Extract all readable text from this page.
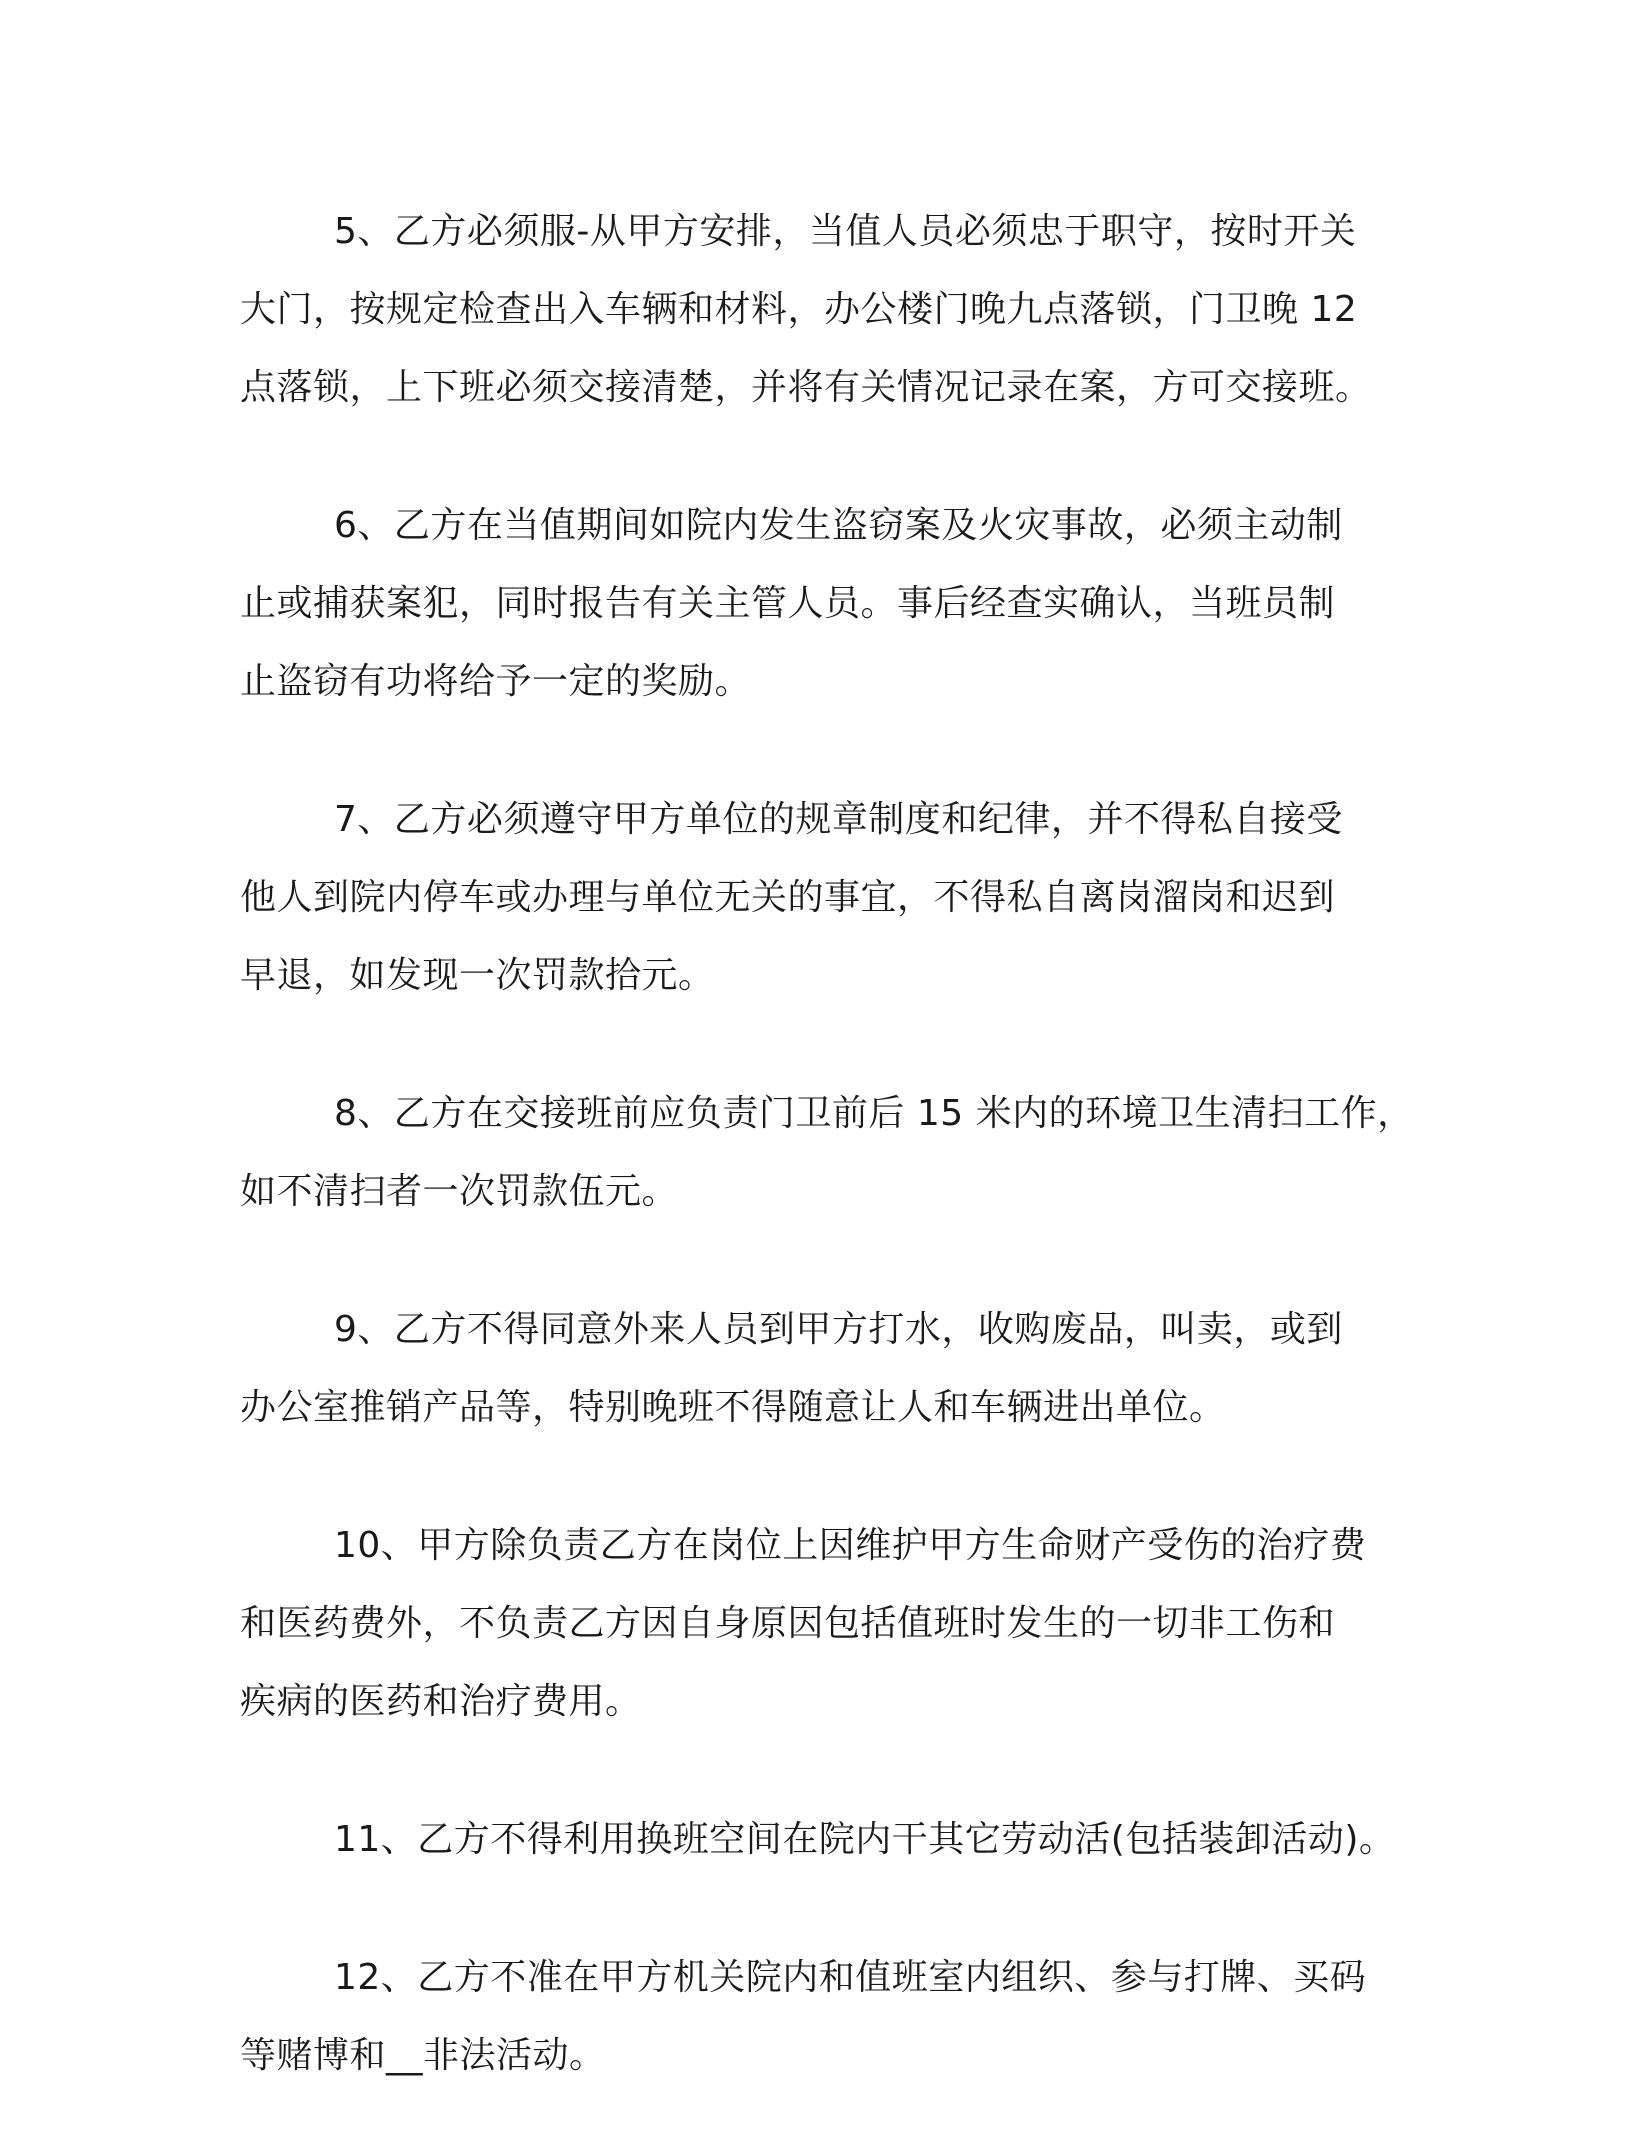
5、乙方必须服-从甲方安排，当值人员必须忠于职守，按时开关
大门，按规定检查出入车辆和材料，办公楼门晚九点落锁，门卫晚 12
点落锁，上下班必须交接清楚，并将有关情况记录在案，方可交接班。

6、乙方在当值期间如院内发生盗窃案及火灾事故，必须主动制
止或捕获案犯，同时报告有关主管人员。事后经查实确认，当班员制
止盗窃有功将给予一定的奖励。

7、乙方必须遵守甲方单位的规章制度和纪律，并不得私自接受
他人到院内停车或办理与单位无关的事宜，不得私自离岗溜岗和迟到
早退，如发现一次罚款拾元。

8、乙方在交接班前应负责门卫前后 15 米内的环境卫生清扫工作，
如不清扫者一次罚款伍元。

9、乙方不得同意外来人员到甲方打水，收购废品，叫卖，或到
办公室推销产品等，特别晚班不得随意让人和车辆进出单位。

10、甲方除负责乙方在岗位上因维护甲方生命财产受伤的治疗费
和医药费外，不负责乙方因自身原因包括值班时发生的一切非工伤和
疾病的医药和治疗费用。

11、乙方不得利用换班空间在院内干其它劳动活(包括装卸活动)。

12、乙方不准在甲方机关院内和值班室内组织、参与打牌、买码
等赌博和__非法活动。
